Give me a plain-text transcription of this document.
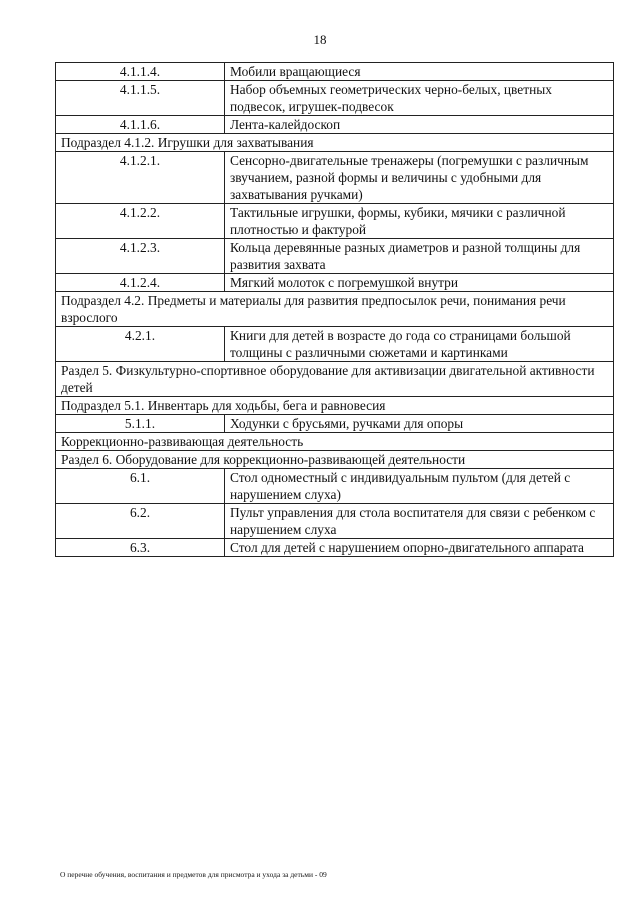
18
4.1.1.4.	Мобили вращающиеся
4.1.1.5.	Набор объемных геометрических черно-белых, цветных подвесок, игрушек-подвесок
4.1.1.6.	Лента-калейдоскоп
Подраздел 4.1.2. Игрушки для захватывания	
4.1.2.1.	Сенсорно-двигательные тренажеры (погремушки с различным звучанием, разной формы и величины с удобными для захватывания ручками)
4.1.2.2.	Тактильные игрушки, формы, кубики, мячики с различной плотностью и фактурой
4.1.2.3.	Кольца деревянные разных диаметров и разной толщины для развития захвата
4.1.2.4.	Мягкий молоток с погремушкой внутри
Подраздел 4.2. Предметы и материалы для развития предпосылок речи, понимания речи взрослого	
4.2.1.	Книги для детей в возрасте до года со страницами большой толщины с различными сюжетами и картинками
Раздел 5. Физкультурно-спортивное оборудование для активизации двигательной активности детей	
Подраздел 5.1. Инвентарь для ходьбы, бега и равновесия	
5.1.1.	Ходунки с брусьями, ручками для опоры
Коррекционно-развивающая деятельность	
Раздел 6. Оборудование для коррекционно-развивающей деятельности	
6.1.	Стол одноместный с индивидуальным пультом (для детей с нарушением слуха)
6.2.	Пульт управления для стола воспитателя для связи с ребенком с нарушением слуха
6.3.	Стол для детей с нарушением опорно-двигательного аппарата
О перечне обучения, воспитания и предметов для присмотра и ухода за детьми - 09
